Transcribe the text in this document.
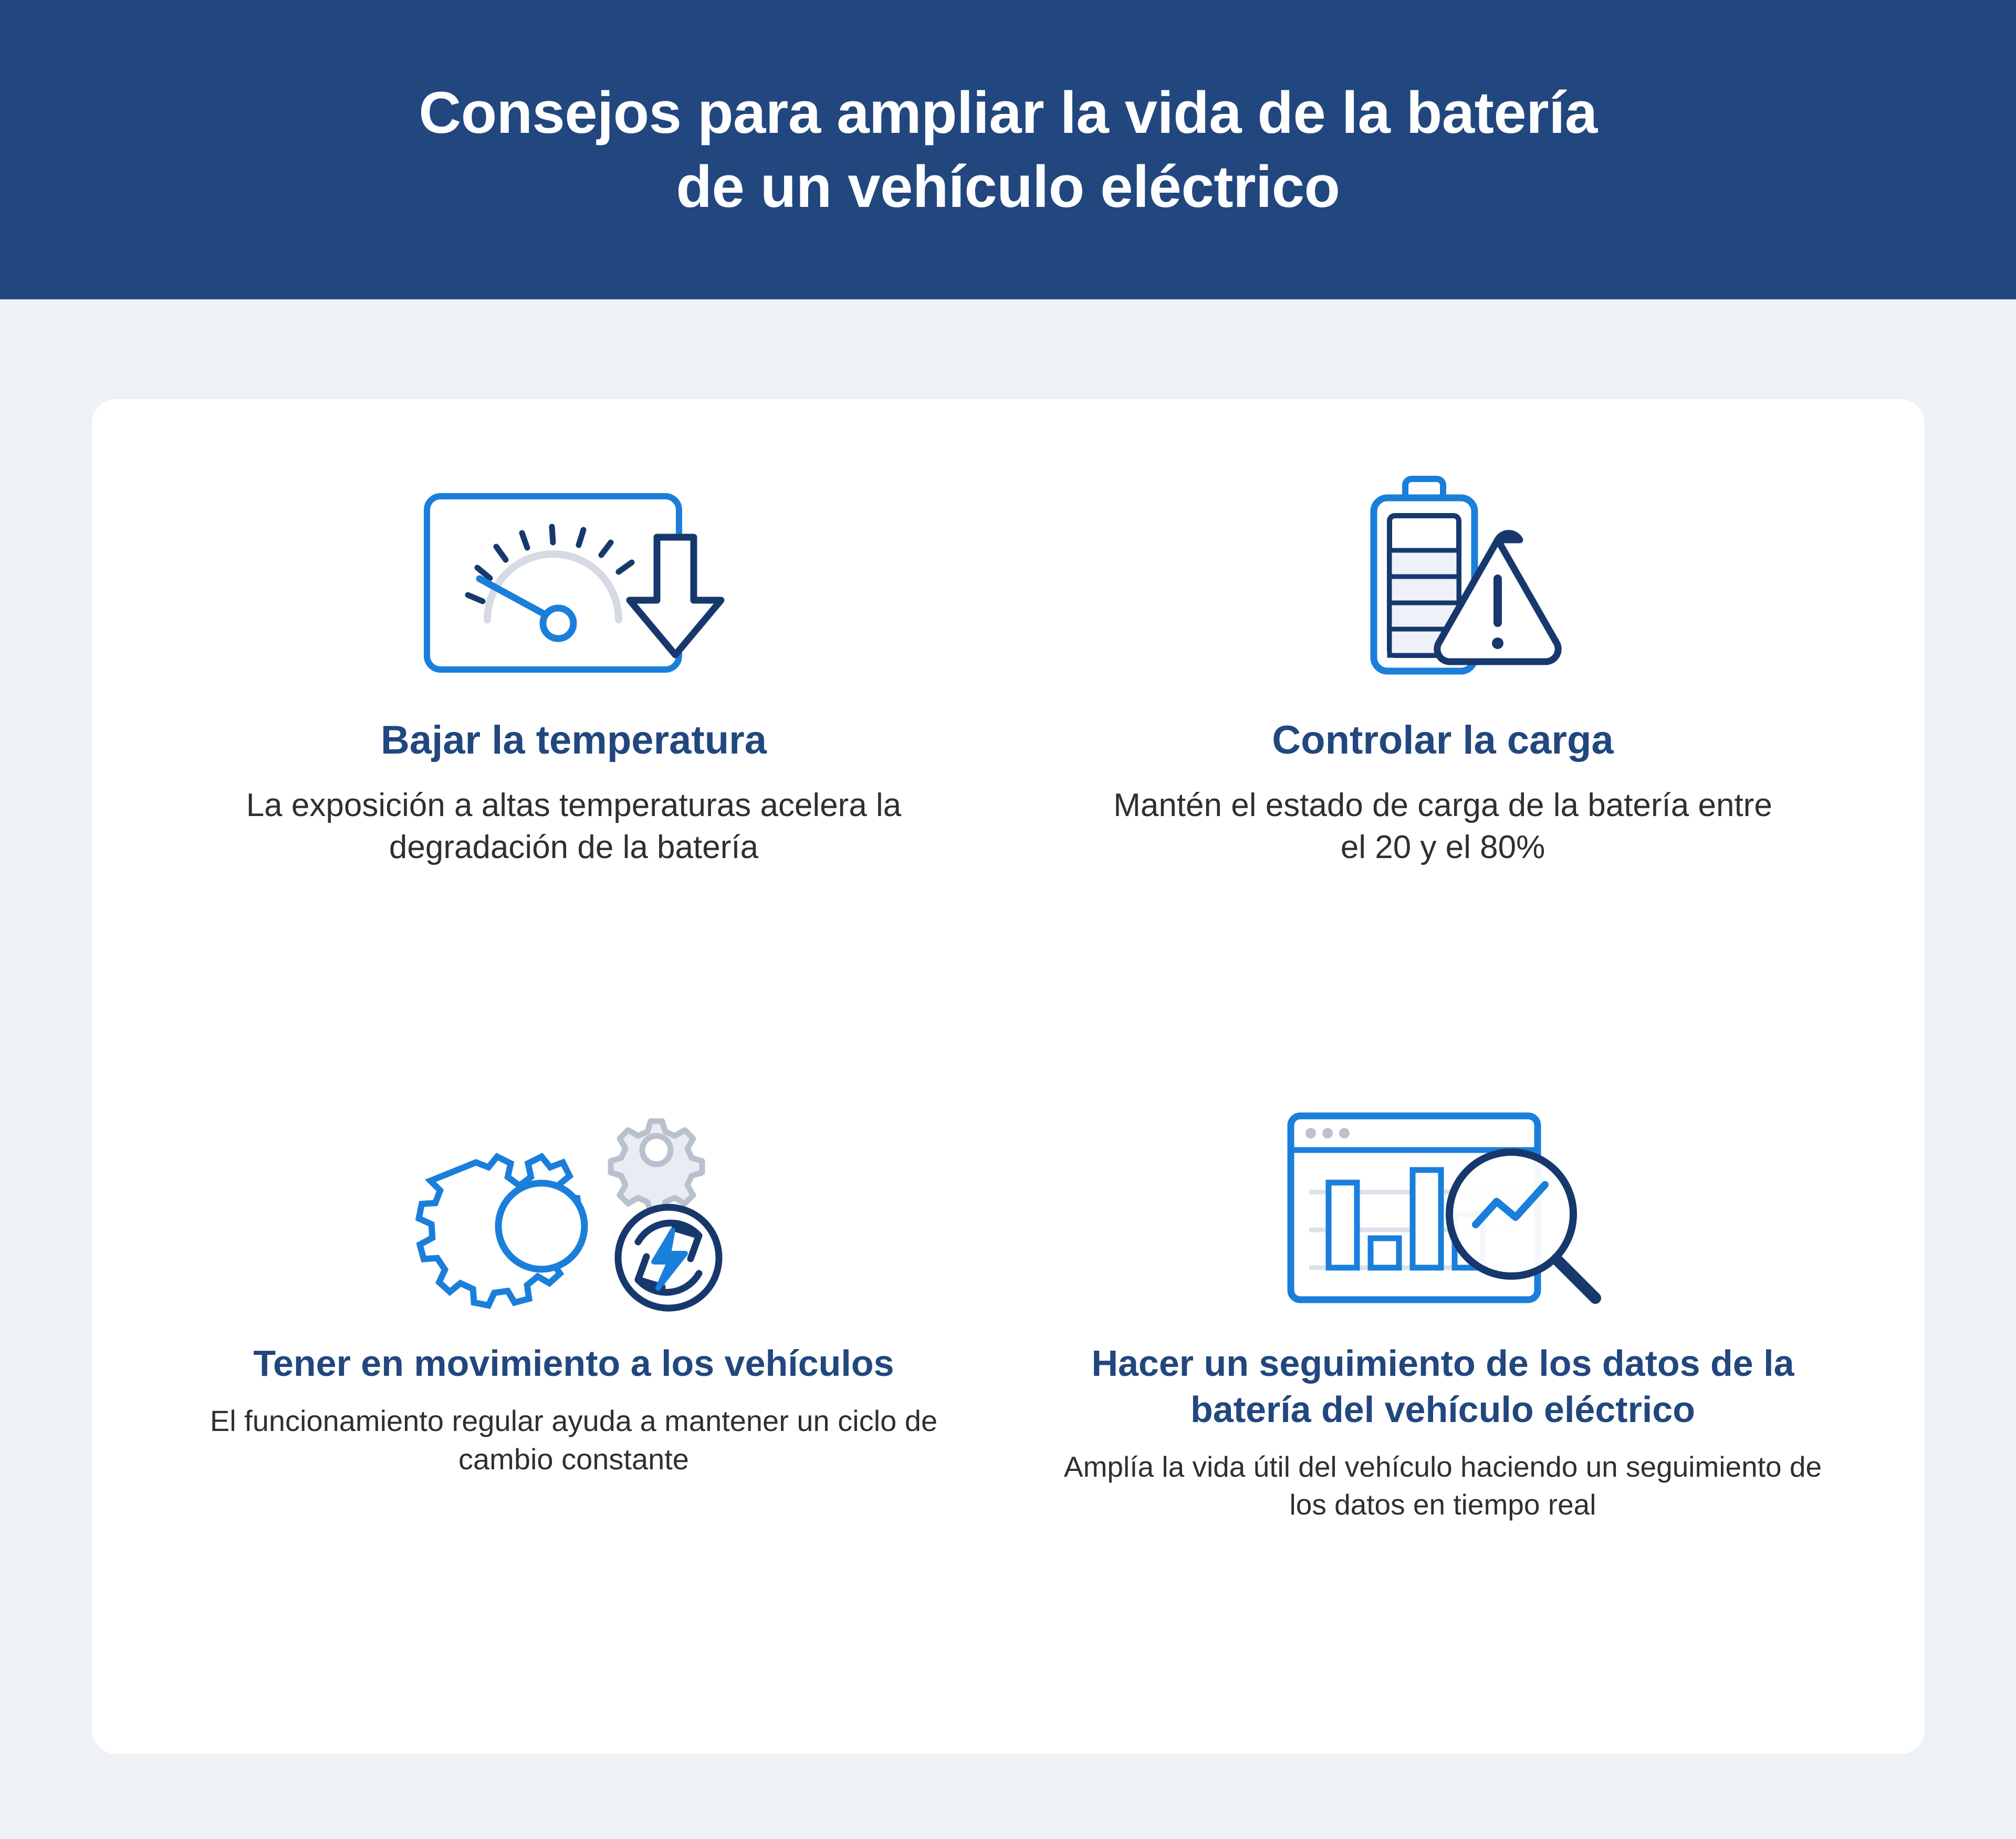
Consejos para ampliar la vida de la batería
de un vehículo eléctrico
Bajar la temperatura
La exposición a altas temperaturas acelera la degradación de la batería
Controlar la carga
Mantén el estado de carga de la batería entre el 20 y el 80%
Tener en movimiento a los vehículos
El funcionamiento regular ayuda a mantener un ciclo de cambio constante
Hacer un seguimiento de los datos de la batería del vehículo eléctrico
Amplía la vida útil del vehículo haciendo un seguimiento de los datos en tiempo real
